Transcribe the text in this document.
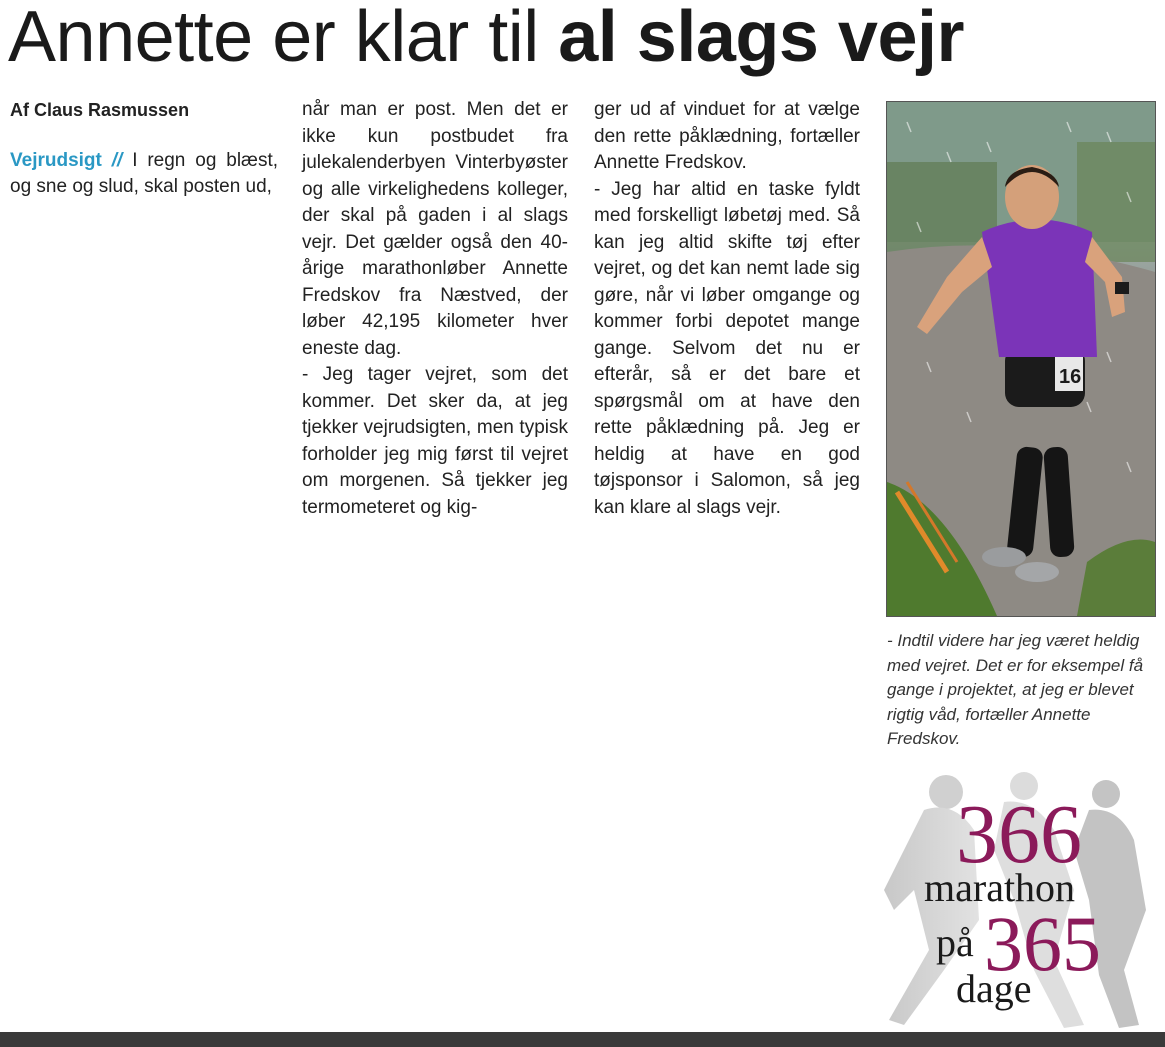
Annette er klar til al slags vejr

Af Claus Rasmussen

Vejrudsigt // I regn og blæst, og sne og slud, skal posten ud,

når man er post. Men det er ikke kun postbudet fra julekalenderbyen Vinterbyøster og alle virkelighedens kolleger, der skal på gaden i al slags vejr. Det gælder også den 40-årige marathonløber Annette Fredskov fra Næstved, der løber 42,195 kilometer hver eneste dag.

- Jeg tager vejret, som det kommer. Det sker da, at jeg tjekker vejrudsigten, men typisk forholder jeg mig først til vejret om morgenen. Så tjekker jeg termometeret og kig-

ger ud af vinduet for at vælge den rette påklædning, fortæller Annette Fredskov.

- Jeg har altid en taske fyldt med forskelligt løbetøj med. Så kan jeg altid skifte tøj efter vejret, og det kan nemt lade sig gøre, når vi løber omgange og kommer forbi depotet mange gange. Selvom det nu er efterår, så er det bare et spørgsmål om at have den rette påklædning på. Jeg er heldig at have en god tøjsponsor i Salomon, så jeg kan klare al slags vejr.

16

- Indtil videre har jeg været heldig med vejret. Det er for eksempel få gange i projektet, at jeg er blevet rigtig våd, fortæller Annette Fredskov.

366
marathon
på 365
dage
